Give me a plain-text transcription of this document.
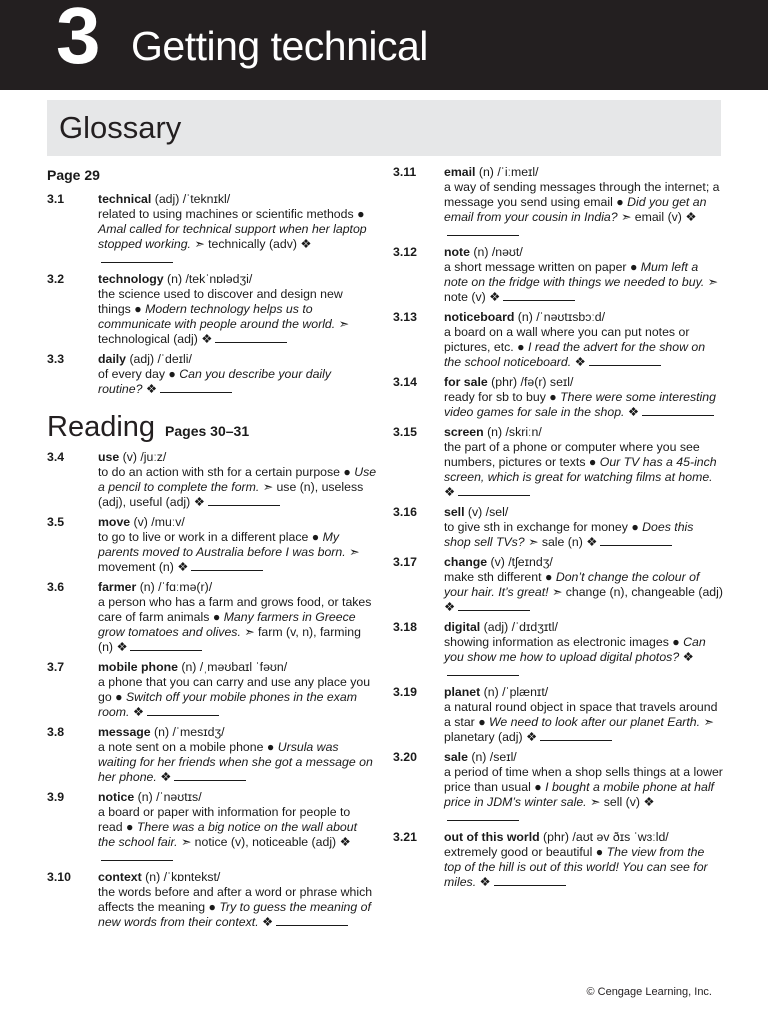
3 Getting technical
Glossary
Page 29
3.1	technical (adj) /ˈteknɪkl/
related to using machines or scientific methods ● Amal called for technical support when her laptop stopped working. ➣ technically (adv) ❖
3.2	technology (n) /tekˈnɒlədʒi/
the science used to discover and design new things ● Modern technology helps us to communicate with people around the world. ➣ technological (adj) ❖
3.3	daily (adj) /ˈdeɪli/
of every day ● Can you describe your daily routine? ❖
Reading Pages 30–31
3.4	use (v) /juːz/
to do an action with sth for a certain purpose ● Use a pencil to complete the form. ➣ use (n), useless (adj), useful (adj) ❖
3.5	move (v) /muːv/
to go to live or work in a different place ● My parents moved to Australia before I was born. ➣ movement (n) ❖
3.6	farmer (n) /ˈfɑːmə(r)/
a person who has a farm and grows food, or takes care of farm animals ● Many farmers in Greece grow tomatoes and olives. ➣ farm (v, n), farming (n) ❖
3.7	mobile phone (n) /ˌməʊbaɪl ˈfəʊn/
a phone that you can carry and use any place you go ● Switch off your mobile phones in the exam room. ❖
3.8	message (n) /ˈmesɪdʒ/
a note sent on a mobile phone ● Ursula was waiting for her friends when she got a message on her phone. ❖
3.9	notice (n) /ˈnəʊtɪs/
a board or paper with information for people to read ● There was a big notice on the wall about the school fair. ➣ notice (v), noticeable (adj) ❖
3.10	context (n) /ˈkɒntekst/
the words before and after a word or phrase which affects the meaning ● Try to guess the meaning of new words from their context. ❖
3.11	email (n) /ˈiːmeɪl/
a way of sending messages through the internet; a message you send using email ● Did you get an email from your cousin in India? ➣ email (v) ❖
3.12	note (n) /nəʊt/
a short message written on paper ● Mum left a note on the fridge with things we needed to buy. ➣ note (v) ❖
3.13	noticeboard (n) /ˈnəʊtɪsbɔːd/
a board on a wall where you can put notes or pictures, etc. ● I read the advert for the show on the school noticeboard. ❖
3.14	for sale (phr) /fə(r) seɪl/
ready for sb to buy ● There were some interesting video games for sale in the shop. ❖
3.15	screen (n) /skriːn/
the part of a phone or computer where you see numbers, pictures or texts ● Our TV has a 45-inch screen, which is great for watching films at home. ❖
3.16	sell (v) /sel/
to give sth in exchange for money ● Does this shop sell TVs? ➣ sale (n) ❖
3.17	change (v) /tʃeɪndʒ/
make sth different ● Don’t change the colour of your hair. It’s great! ➣ change (n), changeable (adj) ❖
3.18	digital (adj) /ˈdɪdʒɪtl/
showing information as electronic images ● Can you show me how to upload digital photos? ❖
3.19	planet (n) /ˈplænɪt/
a natural round object in space that travels around a star ● We need to look after our planet Earth. ➣ planetary (adj) ❖
3.20	sale (n) /seɪl/
a period of time when a shop sells things at a lower price than usual ● I bought a mobile phone at half price in JDM’s winter sale. ➣ sell (v) ❖
3.21	out of this world (phr) /aʊt əv ðɪs ˈwɜːld/
extremely good or beautiful ● The view from the top of the hill is out of this world! You can see for miles. ❖
© Cengage Learning, Inc.
